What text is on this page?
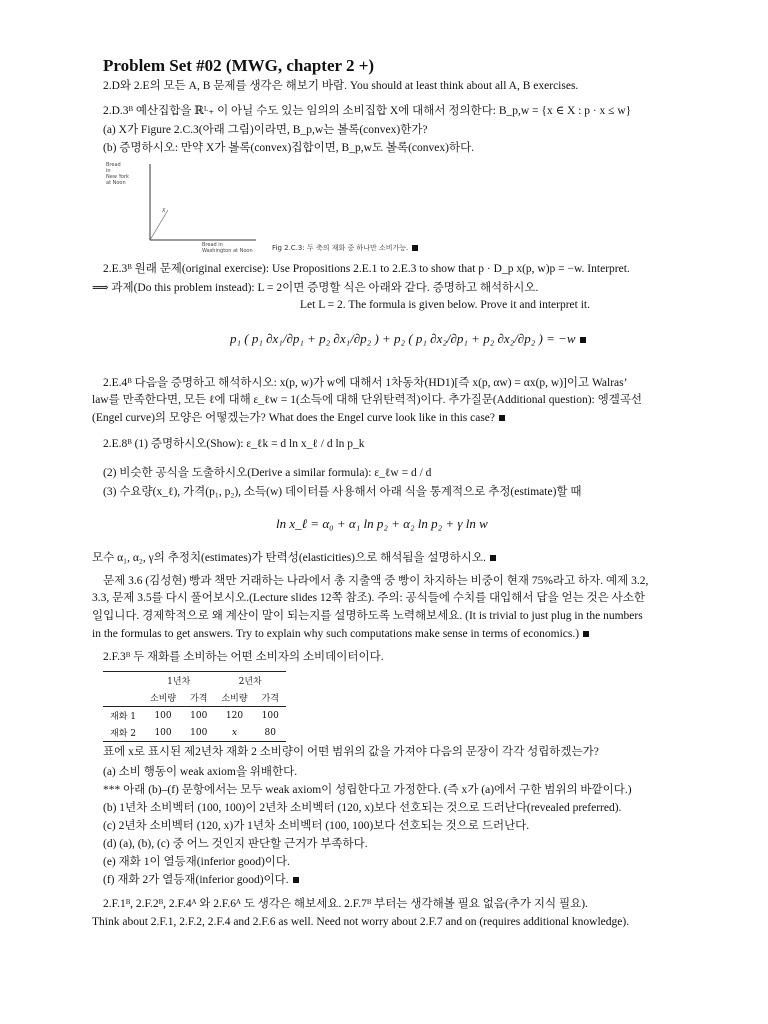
Problem Set #02 (MWG, chapter 2 +)
2.D와 2.E의 모든 A, B 문제를 생각은 해보기 바람. You should at least think about all A, B exercises.
2.D.3ᴮ 예산집합을 ℝᴸ₊ 이 아닐 수도 있는 임의의 소비집합 X에 대해서 정의한다: B_p,w = {x ∈ X : p · x ≤ w}
(a) X가 Figure 2.C.3(아래 그림)이라면, B_p,w는 볼록(convex)한가?
(b) 증명하시오: 만약 X가 볼록(convex)집합이면, B_p,w도 볼록(convex)하다.
Bread
in
New York
at Noon
X
Bread in
Washington at Noon	Fig 2.C.3: 두 축의 재화 중 하나만 소비가능.
2.E.3ᴮ 원래 문제(original exercise): Use Propositions 2.E.1 to 2.E.3 to show that p · D_p x(p, w)p = −w. Interpret.
⟹ 과제(Do this problem instead): L = 2이면 증명할 식은 아래와 같다. 증명하고 해석하시오.
Let L = 2. The formula is given below. Prove it and interpret it.
p₁ ( p₁ ∂x₁/∂p₁ + p₂ ∂x₁/∂p₂ ) + p₂ ( p₁ ∂x₂/∂p₁ + p₂ ∂x₂/∂p₂ ) = −w
2.E.4ᴮ 다음을 증명하고 해석하시오: x(p, w)가 w에 대해서 1차동차(HD1)[즉 x(p, αw) = αx(p, w)]이고 Walras’
law를 만족한다면, 모든 ℓ에 대해 ε_ℓw = 1(소득에 대해 단위탄력적)이다. 추가질문(Additional question): 엥겔곡선
(Engel curve)의 모양은 어떻겠는가? What does the Engel curve look like in this case?
2.E.8ᴮ (1) 증명하시오(Show): ε_ℓk = d ln x_ℓ / d ln p_k
(2) 비슷한 공식을 도출하시오(Derive a similar formula): ε_ℓw = d / d
(3) 수요량(x_ℓ), 가격(p₁, p₂), 소득(w) 데이터를 사용해서 아래 식을 통계적으로 추정(estimate)할 때
ln x_ℓ = α₀ + α₁ ln p₂ + α₂ ln p₂ + γ ln w
모수 α₁, α₂, γ의 추정치(estimates)가 탄력성(elasticities)으로 해석됨을 설명하시오.
문제 3.6 (김성현) 빵과 책만 거래하는 나라에서 총 지출액 중 빵이 차지하는 비중이 현재 75%라고 하자. 예제 3.2,
3.3, 문제 3.5를 다시 풀어보시오.(Lecture slides 12쪽 참조). 주의: 공식들에 수치를 대입해서 답을 얻는 것은 사소한
일입니다. 경제학적으로 왜 계산이 말이 되는지를 설명하도록 노력해보세요. (It is trivial to just plug in the numbers
in the formulas to get answers. Try to explain why such computations make sense in terms of economics.)
2.F.3ᴮ 두 재화를 소비하는 어떤 소비자의 소비데이터이다.
	1년차		2년차	
	소비량	가격	소비량	가격
재화 1	100	100	120	100
재화 2	100	100	x	80
표에 x로 표시된 제2년차 재화 2 소비량이 어떤 범위의 값을 가져야 다음의 문장이 각각 성립하겠는가?
(a) 소비 행동이 weak axiom을 위배한다.
*** 아래 (b)–(f) 문항에서는 모두 weak axiom이 성립한다고 가정한다. (즉 x가 (a)에서 구한 범위의 바깥이다.)
(b) 1년차 소비벡터 (100, 100)이 2년차 소비벡터 (120, x)보다 선호되는 것으로 드러난다(revealed preferred).
(c) 2년차 소비벡터 (120, x)가 1년차 소비벡터 (100, 100)보다 선호되는 것으로 드러난다.
(d) (a), (b), (c) 중 어느 것인지 판단할 근거가 부족하다.
(e) 재화 1이 열등재(inferior good)이다.
(f) 재화 2가 열등재(inferior good)이다.
2.F.1ᴮ, 2.F.2ᴮ, 2.F.4ᴬ 와 2.F.6ᴬ 도 생각은 해보세요. 2.F.7ᴮ 부터는 생각해볼 필요 없음(추가 지식 필요).
Think about 2.F.1, 2.F.2, 2.F.4 and 2.F.6 as well. Need not worry about 2.F.7 and on (requires additional knowledge).
